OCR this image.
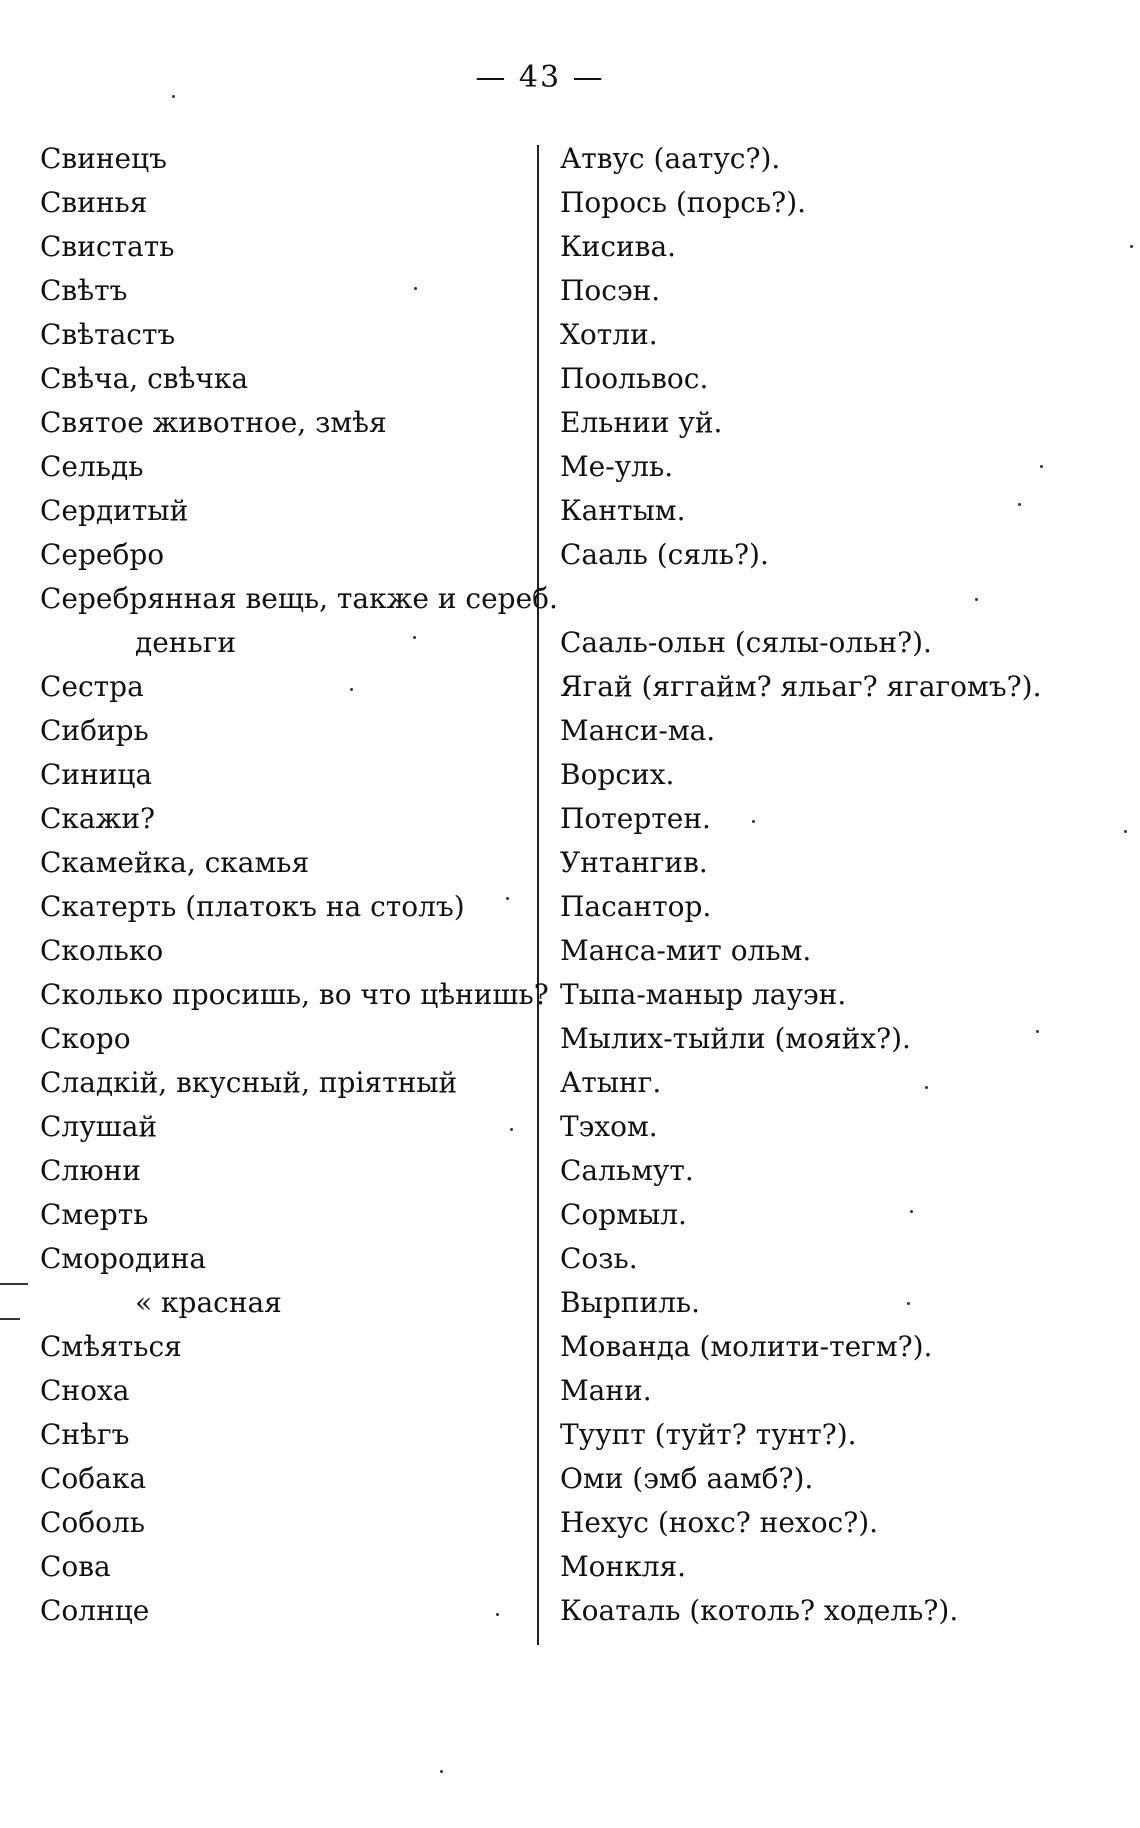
— 43 —
Свинецъ
Свинья
Свистать
Свѣтъ
Свѣтастъ
Свѣча, свѣчка
Святое животное, змѣя
Сельдь
Сердитый
Серебро
Серебрянная вещь, также и сереб.
деньги
Сестра
Сибирь
Синица
Скажи?
Скамейка, скамья
Скатерть (платокъ на столъ)
Сколько
Сколько просишь, во что цѣнишь?
Скоро
Сладкій, вкусный, пріятный
Слушай
Слюни
Смерть
Смородина
« красная
Смѣяться
Сноха
Снѣгъ
Собака
Соболь
Сова
Солнце
Атвус (аатус?).
Порось (порсь?).
Кисива.
Посэн.
Хотли.
Поольвос.
Ельнии уй.
Ме-уль.
Кантым.
Сааль (сяль?).
Сааль-ольн (сялы-ольн?).
Ягай (яггайм? яльаг? ягагомъ?).
Манси-ма.
Ворсих.
Потертен.
Унтангив.
Пасантор.
Манса-мит ольм.
Тыпа-маныр лауэн.
Мылих-тыйли (мояйх?).
Атынг.
Тэхом.
Сальмут.
Сормыл.
Созь.
Вырпиль.
Мованда (молити-тегм?).
Мани.
Туупт (туйт? тунт?).
Оми (эмб аамб?).
Нехус (нохс? нехос?).
Монкля.
Коаталь (котоль? ходель?).
